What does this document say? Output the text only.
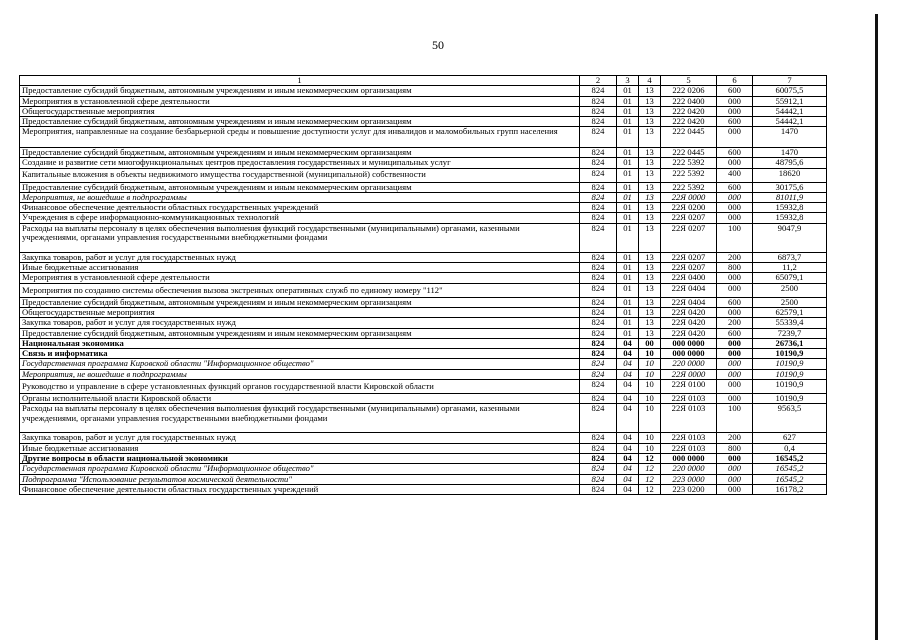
50
1	2	3	4	5	6	7
Предоставление субсидий бюджетным, автономным учреждениям и иным некоммерческим организациям	824	01	13	222 0206	600	60075,5
Мероприятия в установленной сфере деятельности	824	01	13	222 0400	000	55912,1
Общегосударственные мероприятия	824	01	13	222 0420	000	54442,1
Предоставление субсидий бюджетным, автономным учреждениям и иным некоммерческим организациям	824	01	13	222 0420	600	54442,1
Мероприятия, направленные на создание безбарьерной среды и повышение доступности услуг для инвалидов и маломобильных групп населения	824	01	13	222 0445	000	1470
Предоставление субсидий бюджетным, автономным учреждениям и иным некоммерческим организациям	824	01	13	222 0445	600	1470
Создание и развитие сети многофункциональных центров предоставления государственных и муниципальных услуг	824	01	13	222 5392	000	48795,6
Капитальные вложения в объекты недвижимого имущества государственной (муниципальной) собственности	824	01	13	222 5392	400	18620
Предоставление субсидий бюджетным, автономным учреждениям и иным некоммерческим организациям	824	01	13	222 5392	600	30175,6
Мероприятия, не вошедшие в подпрограммы	824	01	13	22Я 0000	000	81011,9
Финансовое обеспечение деятельности областных государственных учреждений	824	01	13	22Я 0200	000	15932,8
Учреждения в сфере информационно-коммуникационных технологий	824	01	13	22Я 0207	000	15932,8
Расходы на выплаты персоналу в целях обеспечения выполнения функций государственными (муниципальными) органами, казенными учреждениями, органами управления государственными внебюджетными фондами	824	01	13	22Я 0207	100	9047,9
Закупка товаров, работ и услуг для государственных нужд	824	01	13	22Я 0207	200	6873,7
Иные бюджетные ассигнования	824	01	13	22Я 0207	800	11,2
Мероприятия в установленной сфере деятельности	824	01	13	22Я 0400	000	65079,1
Мероприятия по созданию системы обеспечения вызова экстренных оперативных служб по единому номеру "112"	824	01	13	22Я 0404	000	2500
Предоставление субсидий бюджетным, автономным учреждениям и иным некоммерческим организациям	824	01	13	22Я 0404	600	2500
Общегосударственные мероприятия	824	01	13	22Я 0420	000	62579,1
Закупка товаров, работ и услуг для государственных нужд	824	01	13	22Я 0420	200	55339,4
Предоставление субсидий бюджетным, автономным учреждениям и иным некоммерческим организациям	824	01	13	22Я 0420	600	7239,7
Национальная экономика	824	04	00	000 0000	000	26736,1
Связь и информатика	824	04	10	000 0000	000	10190,9
Государственная программа Кировской области "Информационное общество"	824	04	10	220 0000	000	10190,9
Мероприятия, не вошедшие в подпрограммы	824	04	10	22Я 0000	000	10190,9
Руководство и управление в сфере установленных функций органов государственной власти Кировской области	824	04	10	22Я 0100	000	10190,9
Органы исполнительной власти Кировской области	824	04	10	22Я 0103	000	10190,9
Расходы на выплаты персоналу в целях обеспечения выполнения функций государственными (муниципальными) органами, казенными учреждениями, органами управления государственными внебюджетными фондами	824	04	10	22Я 0103	100	9563,5
Закупка товаров, работ и услуг для государственных нужд	824	04	10	22Я 0103	200	627
Иные бюджетные ассигнования	824	04	10	22Я 0103	800	0,4
Другие вопросы в области национальной экономики	824	04	12	000 0000	000	16545,2
Государственная программа Кировской области "Информационное общество"	824	04	12	220 0000	000	16545,2
Подпрограмма "Использование результатов космической деятельности"	824	04	12	223 0000	000	16545,2
Финансовое обеспечение деятельности областных государственных учреждений	824	04	12	223 0200	000	16178,2
